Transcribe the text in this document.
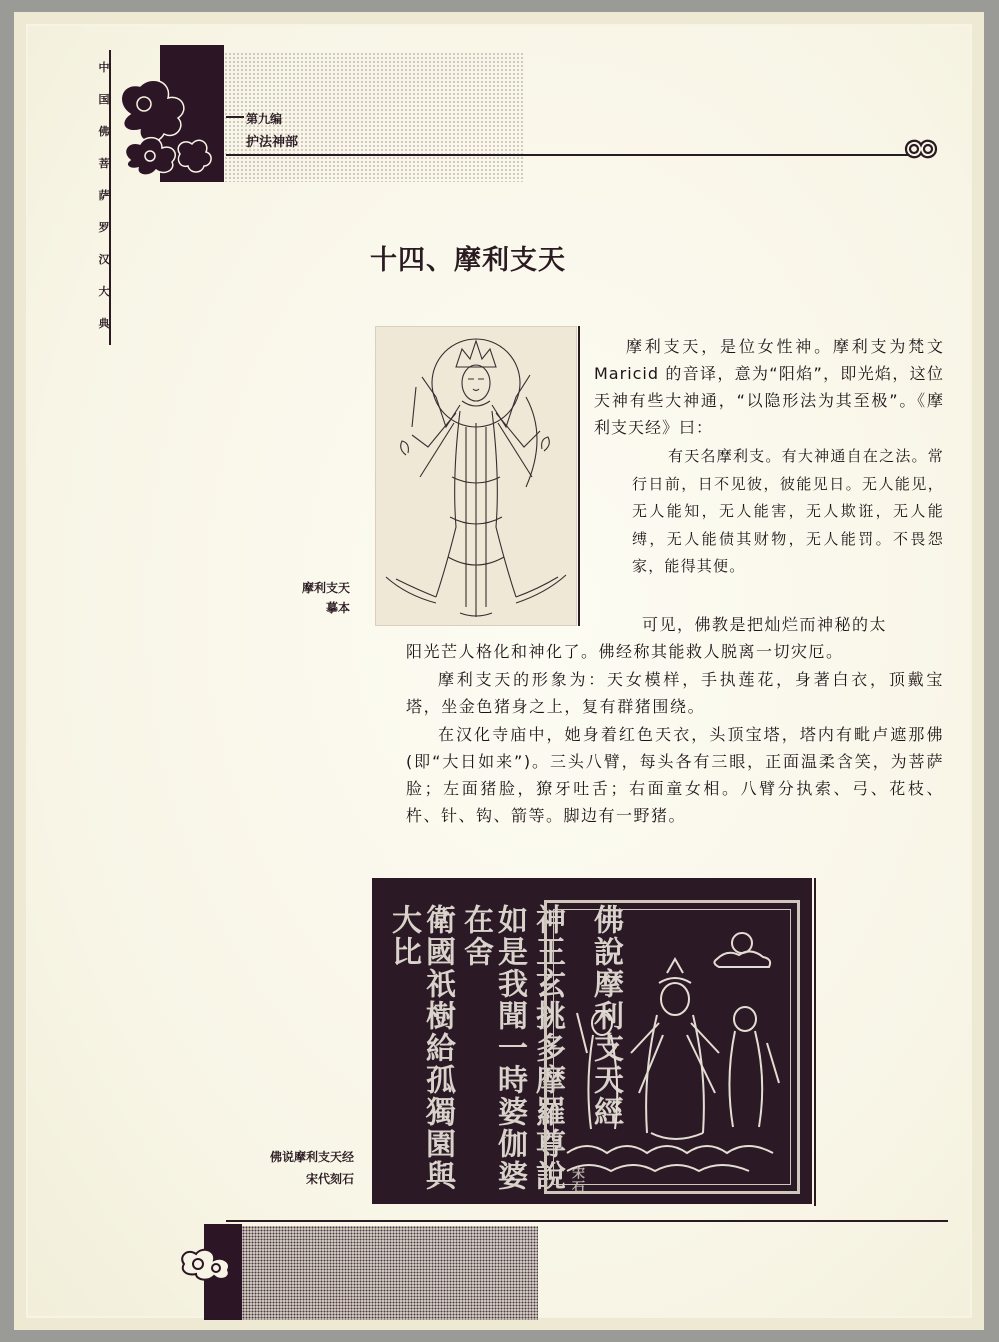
中
国
佛
菩
萨
罗
汉
大
典
第九编
护法神部
十四、摩利支天
摩利支天
摹本

摩利支天，是位女性神。摩利支为梵文 Maricid 的音译，意为“阳焰”，即光焰，这位天神有些大神通，“以隐形法为其至极”。《摩利支天经》曰：

有天名摩利支。有大神通自在之法。常行日前，日不见彼，彼能见日。无人能见，无人能知，无人能害，无人欺诳，无人能缚，无人能债其财物，无人能罚。不畏怨家，能得其便。

可见，佛教是把灿烂而神秘的太
阳光芒人格化和神化了。佛经称其能救人脱离一切灾厄。

摩利支天的形象为：天女模样，手执莲花，身著白衣，顶戴宝塔，坐金色猪身之上，复有群猪围绕。

在汉化寺庙中，她身着红色天衣，头顶宝塔，塔内有毗卢遮那佛(即“大日如来”)。三头八臂，每头各有三眼，正面温柔含笑，为菩萨脸；左面猪脸，獠牙吐舌；右面童女相。八臂分执索、弓、花枝、杵、针、钩、箭等。脚边有一野猪。

佛說摩利支天經
宋石
神王玄挑多摩羅尊說
如是我聞一時婆伽婆在舍
衛國祇樹給孤獨園與大比
佛说摩利支天经
宋代刻石
